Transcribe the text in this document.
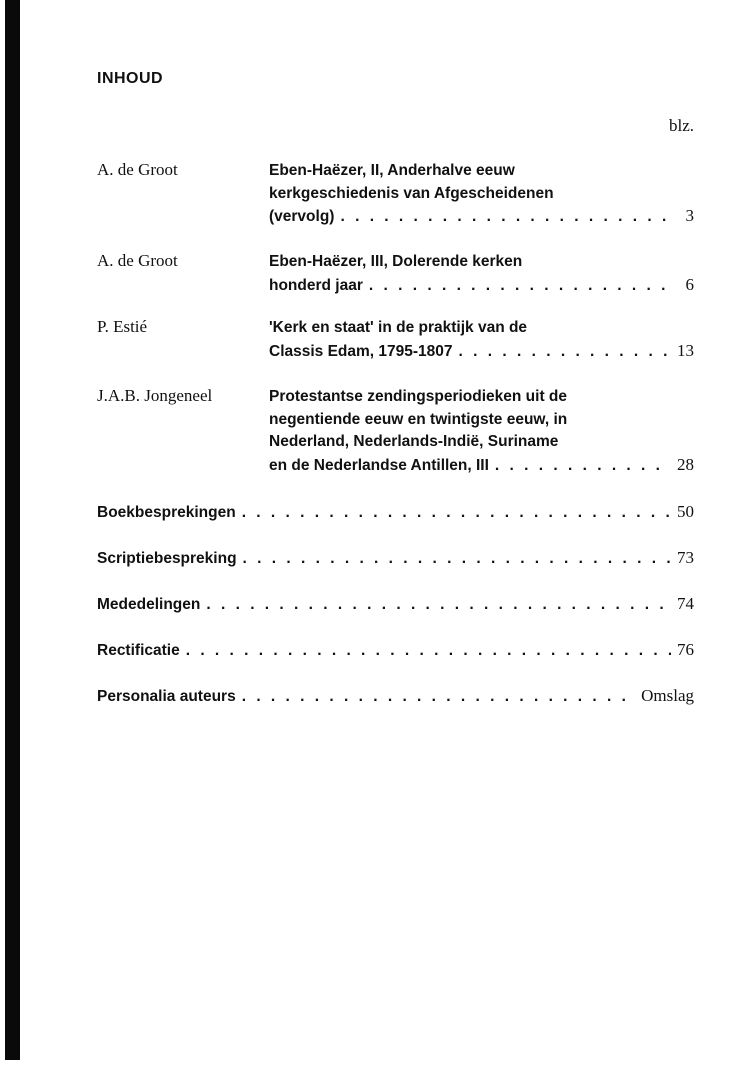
INHOUD
blz.
A. de Groot	Eben-Haëzer, II, Anderhalve eeuw
kerkgeschiedenis van Afgescheidenen
(vervolg) . . .	3
A. de Groot	Eben-Haëzer, III, Dolerende kerken
honderd jaar . . .	6
P. Estié	'Kerk en staat' in de praktijk van de
Classis Edam, 1795-1807 . . .	13
J.A.B. Jongeneel	Protestantse zendingsperiodieken uit de
negentiende eeuw en twintigste eeuw, in
Nederland, Nederlands-Indië, Suriname
en de Nederlandse Antillen, III . . .	28
Boekbesprekingen . . .	50
Scriptiebespreking . . .	73
Mededelingen . . .	74
Rectificatie . . .	76
Personalia auteurs . . .	Omslag
